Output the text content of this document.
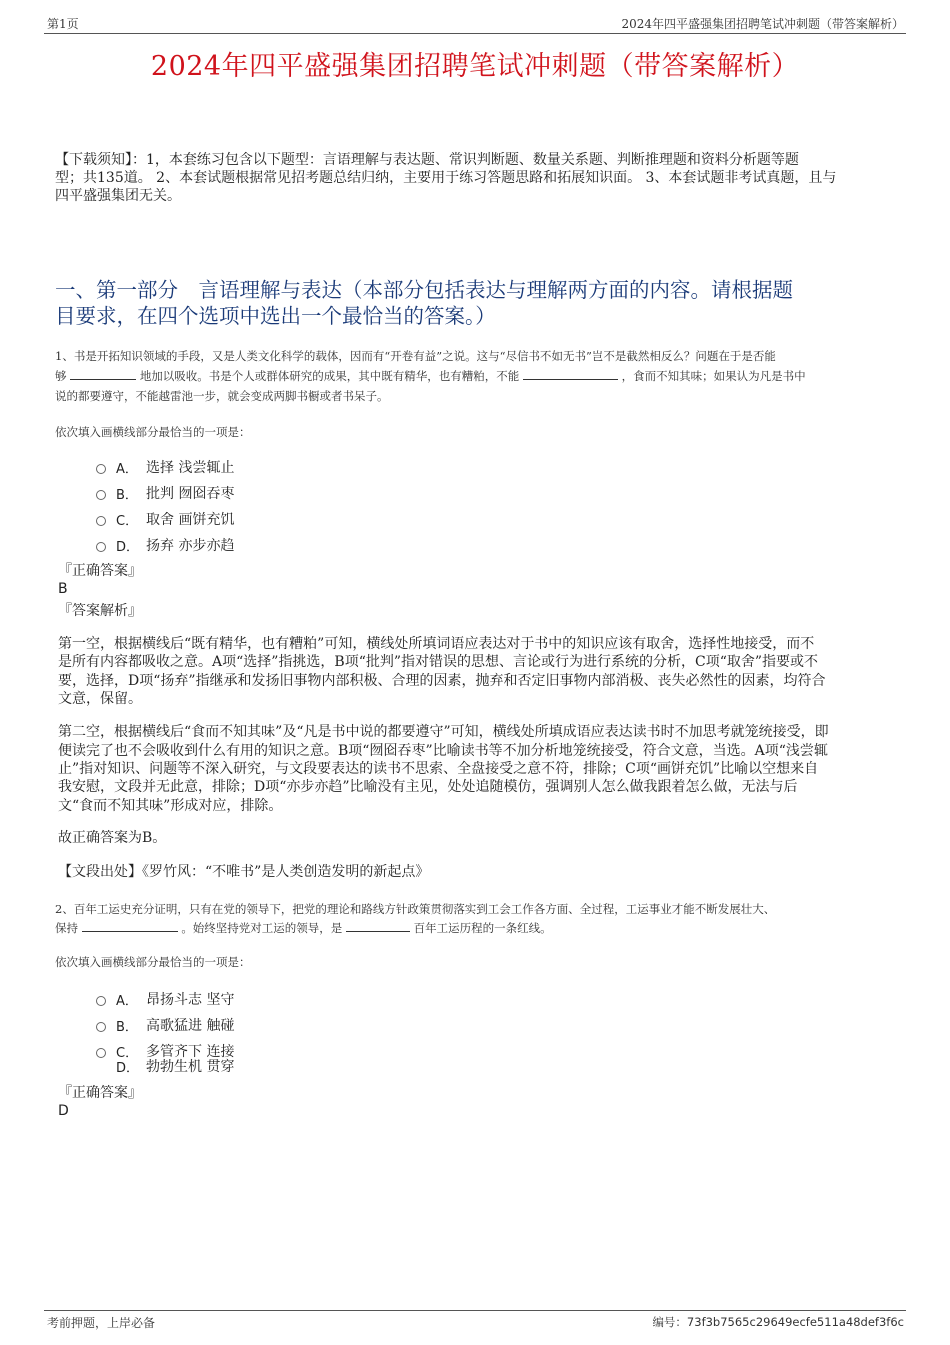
第1页	2024年四平盛强集团招聘笔试冲刺题（带答案解析）
2024年四平盛强集团招聘笔试冲刺题（带答案解析）
【下载须知】：1，本套练习包含以下题型：言语理解与表达题、常识判断题、数量关系题、判断推理题和资料分析题等题
型；共135道。 2、本套试题根据常见招考题总结归纳，主要用于练习答题思路和拓展知识面。 3、本套试题非考试真题，且与
四平盛强集团无关。
一、第一部分　言语理解与表达（本部分包括表达与理解两方面的内容。请根据题
目要求，在四个选项中选出一个最恰当的答案。）
1、书是开拓知识领域的手段，又是人类文化科学的载体，因而有“开卷有益”之说。这与“尽信书不如无书”岂不是截然相反么？问题在于是否能
够	地加以吸收。书是个人或群体研究的成果，其中既有精华，也有糟粕，不能	，食而不知其味；如果认为凡是书中
说的都要遵守，不能越雷池一步，就会变成两脚书橱或者书呆子。
依次填入画横线部分最恰当的一项是：
A． 选择 浅尝辄止
B． 批判 囫囵吞枣
C． 取舍 画饼充饥
D． 扬弃 亦步亦趋
『正确答案』
B
『答案解析』
第一空，根据横线后“既有精华，也有糟粕”可知，横线处所填词语应表达对于书中的知识应该有取舍，选择性地接受，而不
是所有内容都吸收之意。A项“选择”指挑选，B项“批判”指对错误的思想、言论或行为进行系统的分析，C项“取舍”指要或不
要，选择，D项“扬弃”指继承和发扬旧事物内部积极、合理的因素，抛弃和否定旧事物内部消极、丧失必然性的因素，均符合
文意，保留。
第二空，根据横线后“食而不知其味”及“凡是书中说的都要遵守”可知，横线处所填成语应表达读书时不加思考就笼统接受，即
便读完了也不会吸收到什么有用的知识之意。B项“囫囵吞枣”比喻读书等不加分析地笼统接受，符合文意，当选。A项“浅尝辄
止”指对知识、问题等不深入研究，与文段要表达的读书不思索、全盘接受之意不符，排除；C项“画饼充饥”比喻以空想来自
我安慰，文段并无此意，排除；D项“亦步亦趋”比喻没有主见，处处追随模仿，强调别人怎么做我跟着怎么做，无法与后
文“食而不知其味”形成对应，排除。
故正确答案为B。
【文段出处】《罗竹风：“不唯书”是人类创造发明的新起点》
2、百年工运史充分证明，只有在党的领导下，把党的理论和路线方针政策贯彻落实到工会工作各方面、全过程，工运事业才能不断发展壮大、
保持	。始终坚持党对工运的领导，是	百年工运历程的一条红线。
依次填入画横线部分最恰当的一项是：
A． 昂扬斗志 坚守
B． 高歌猛进 触碰
C． 多管齐下 连接
D． 勃勃生机 贯穿
『正确答案』
D
考前押题，上岸必备	编号：73f3b7565c29649ecfe511a48def3f6c
